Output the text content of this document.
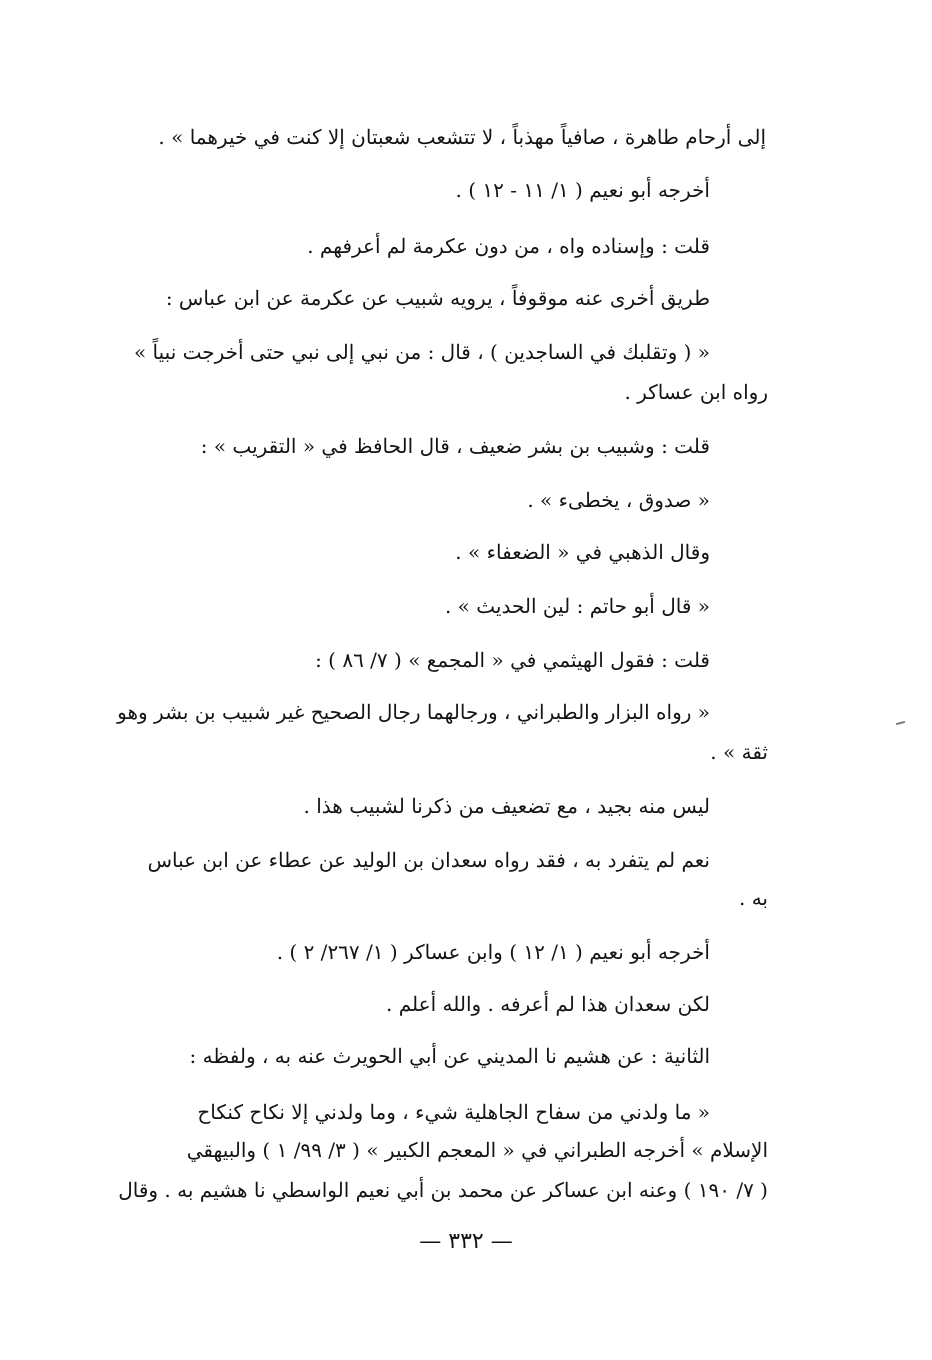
إلى أرحام طاهرة ، صافياً مهذباً ، لا تتشعب شعبتان إلا كنت في خيرهما » .

أخرجه أبو نعيم ( ١/ ١١ - ١٢ ) .

قلت : وإسناده واه ، من دون عكرمة لم أعرفهم .

طريق أخرى عنه موقوفاً ، يرويه شبيب عن عكرمة عن ابن عباس :

« ( وتقلبك في الساجدين ) ، قال : من نبي إلى نبي حتى أخرجت نبياً »

رواه ابن عساكر .

قلت : وشبيب بن بشر ضعيف ، قال الحافظ في « التقريب » :

« صدوق ، يخطىء » .

وقال الذهبي في « الضعفاء » .

« قال أبو حاتم : لين الحديث » .

قلت : فقول الهيثمي في « المجمع » ( ٧/ ٨٦ ) :

« رواه البزار والطبراني ، ورجالهما رجال الصحيح غير شبيب بن بشر وهو

ثقة » .

ليس منه بجيد ، مع تضعيف من ذكرنا لشبيب هذا .

نعم لم يتفرد به ، فقد رواه سعدان بن الوليد عن عطاء عن ابن عباس

به .

أخرجه أبو نعيم ( ١/ ١٢ ) وابن عساكر ( ١/ ٢٦٧/ ٢ ) .

لكن سعدان هذا لم أعرفه . والله أعلم .

الثانية : عن هشيم نا المديني عن أبي الحويرث عنه به ، ولفظه :

« ما ولدني من سفاح الجاهلية شيء ، وما ولدني إلا نكاح كنكاح

الإسلام » أخرجه الطبراني في « المعجم الكبير » ( ٣/ ٩٩/ ١ ) والبيهقي

( ٧/ ١٩٠ ) وعنه ابن عساكر عن محمد بن أبي نعيم الواسطي نا هشيم به . وقال

— ٣٣٢ —
